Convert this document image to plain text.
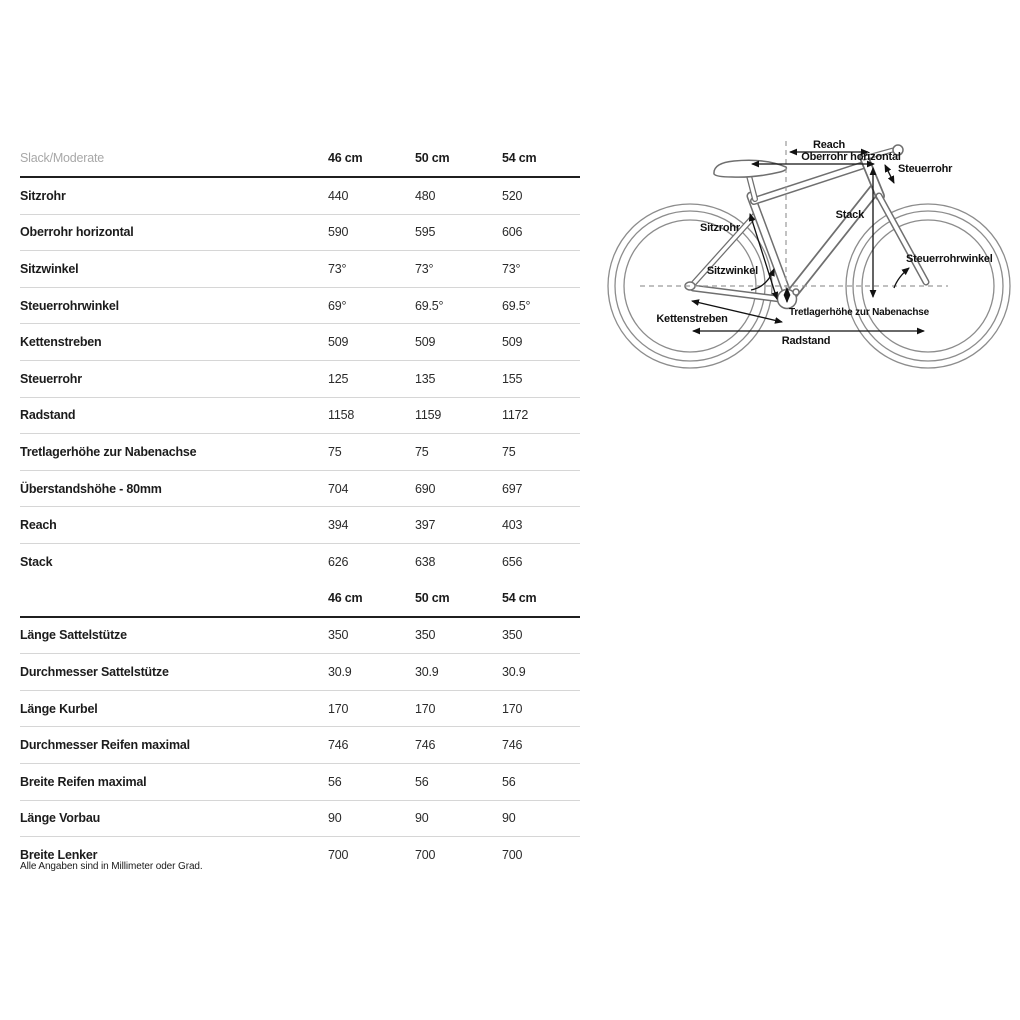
Slack/Moderate	46 cm	50 cm	54 cm
Sitzrohr	440	480	520
Oberrohr horizontal	590	595	606
Sitzwinkel	73°	73°	73°
Steuerrohrwinkel	69°	69.5°	69.5°
Kettenstreben	509	509	509
Steuerrohr	125	135	155
Radstand	1158	1159	1172
Tretlagerhöhe zur Nabenachse	75	75	75
Überstandshöhe - 80mm	704	690	697
Reach	394	397	403
Stack	626	638	656
46 cm	50 cm	54 cm
Länge Sattelstütze	350	350	350
Durchmesser Sattelstütze	30.9	30.9	30.9
Länge Kurbel	170	170	170
Durchmesser Reifen maximal	746	746	746
Breite Reifen maximal	56	56	56
Länge Vorbau	90	90	90
Breite Lenker	700	700	700
Alle Angaben sind in Millimeter oder Grad.
Reach
Oberrohr horizontal
Steuerrohr
Stack
Sitzrohr
Sitzwinkel
Steuerrohrwinkel
Tretlagerhöhe zur Nabenachse
Kettenstreben
Radstand
